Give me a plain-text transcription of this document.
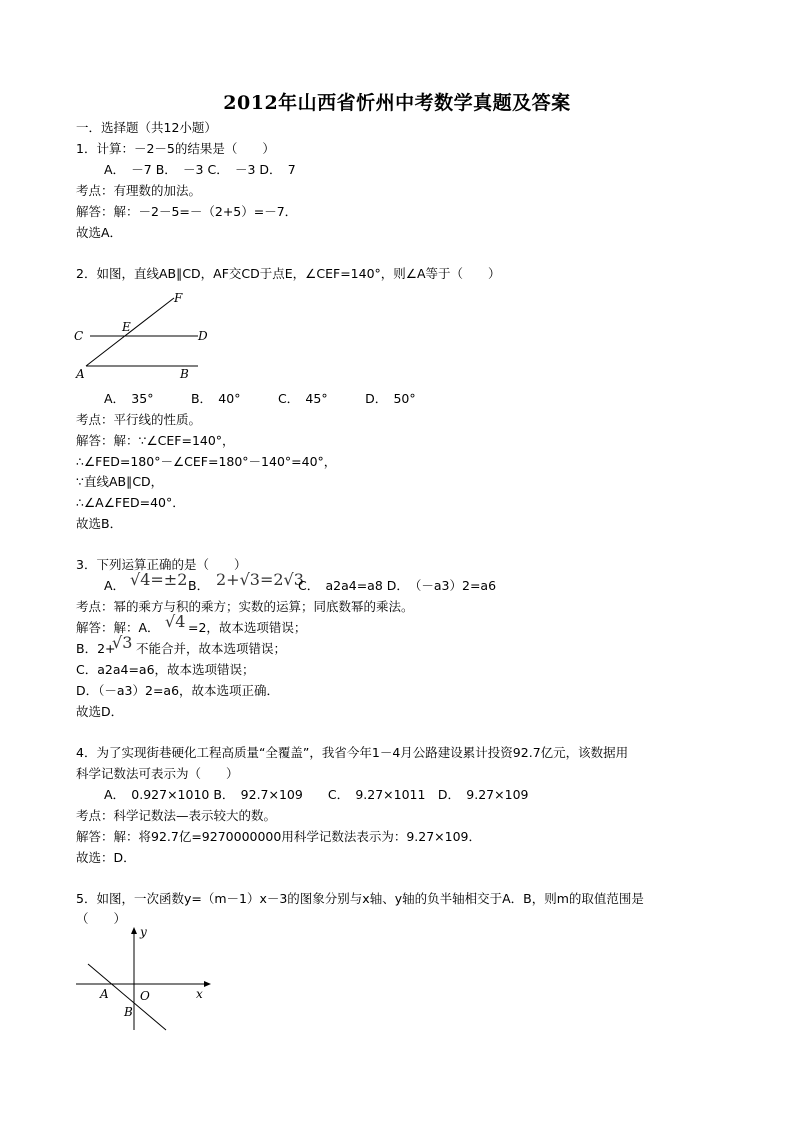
2012年山西省忻州中考数学真题及答案
一．选择题（共12小题）
1．计算：－2－5的结果是（　　）
A．　－7 B．　－3 C．　－3 D．　7
考点：有理数的加法。
解答：解：－2－5=－（2+5）=－7．
故选A．
2．如图，直线AB∥CD，AF交CD于点E，∠CEF=140°，则∠A等于（　　）
F
C
E
D
A	B
A．　35°　　　B．　40°　　　C．　45°　　　D．　50°
考点：平行线的性质。
解答：解：∵∠CEF=140°，
∴∠FED=180°－∠CEF=180°－140°=40°，
∵直线AB∥CD，
∴∠A∠FED=40°．
故选B．
3．下列运算正确的是（　　）
A． √4=±2 B． 2+√3=2√3
C．　a2a4=a8 D．　（－a3）2=a6
考点：幂的乘方与积的乘方；实数的运算；同底数幂的乘法。
解答：解：A． √4 =2，故本选项错误；
B．2+
√3 不能合并，故本选项错误；
C．a2a4=a6，故本选项错误；
D．（－a3）2=a6，故本选项正确．
故选D．
4．为了实现街巷硬化工程高质量“全覆盖”，我省今年1－4月公路建设累计投资92.7亿元，该数据用
科学记数法可表示为（　　）
A．　0.927×1010 B．　92.7×109　　C．　9.27×1011　D．　9.27×109
考点：科学记数法—表示较大的数。
解答：解：将92.7亿=9270000000用科学记数法表示为：9.27×109．
故选：D．
5．如图，一次函数y=（m－1）x－3的图象分别与x轴、y轴的负半轴相交于A．B，则m的取值范围是
（　　）
y
x
A	O
B
